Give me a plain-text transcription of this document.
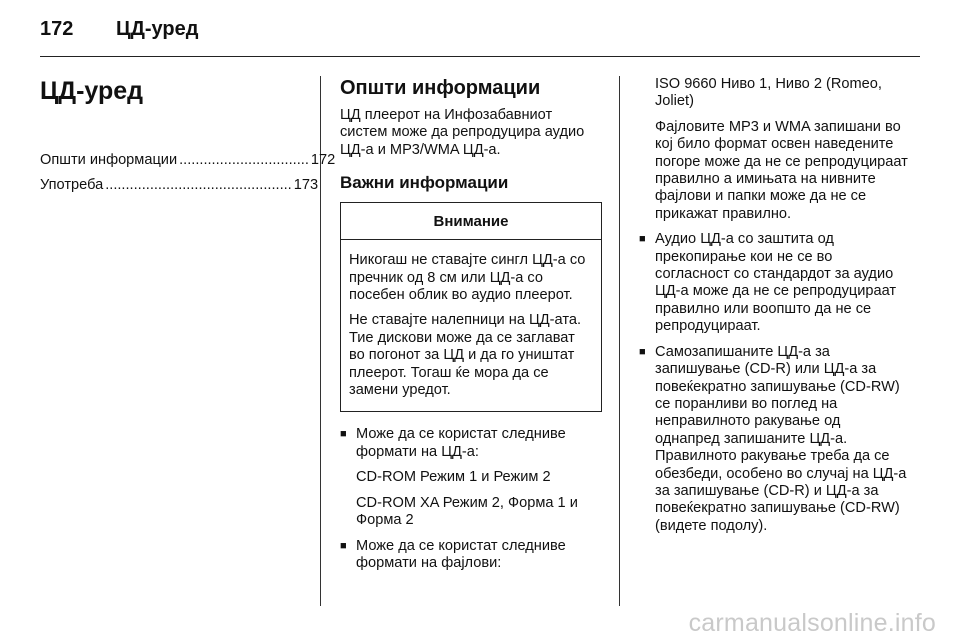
172 ЦД-уред
ЦД-уред
Општи информации ................................ 172
Употреба .............................................. 173
Општи информации

ЦД плеерот на Инфозабавниот систем може да репродуцира аудио ЦД-а и MP3/WMA ЦД-а.

Важни информации
Внимание

Никогаш не ставајте сингл ЦД-а со пречник од 8 см или ЦД-а со посебен облик во аудио плеерот.

Не ставајте налепници на ЦД-ата. Тие дискови може да се заглават во погонот за ЦД и да го уништат плеерот. Тогаш ќе мора да се замени уредот.

■ Може да се користат следниве формати на ЦД-а:

CD-ROM Режим 1 и Режим 2

CD-ROM XA Режим 2, Форма 1 и Форма 2

■ Може да се користат следниве формати на фајлови:

ISO 9660 Ниво 1, Ниво 2 (Romeo, Joliet)

Фајловите MP3 и WMA запишани во кој било формат освен наведените погоре може да не се репродуцираат правилно а имињата на нивните фајлови и папки може да не се прикажат правилно.

■ Аудио ЦД-а со заштита од прекопирање кои не се во согласност со стандардот за аудио ЦД-а може да не се репродуцираат правилно или воопшто да не се репродуцираат.
■ Самозапишаните ЦД-а за запишување (CD-R) или ЦД-а за повеќекратно запишување (CD-RW) се поранливи во поглед на неправилното ракување од однапред запишаните ЦД-а. Правилното ракување треба да се обезбеди, особено во случај на ЦД-а за запишување (CD-R) и ЦД-а за повеќекратно запишување (CD-RW) (видете подолу).
carmanualsonline.info
